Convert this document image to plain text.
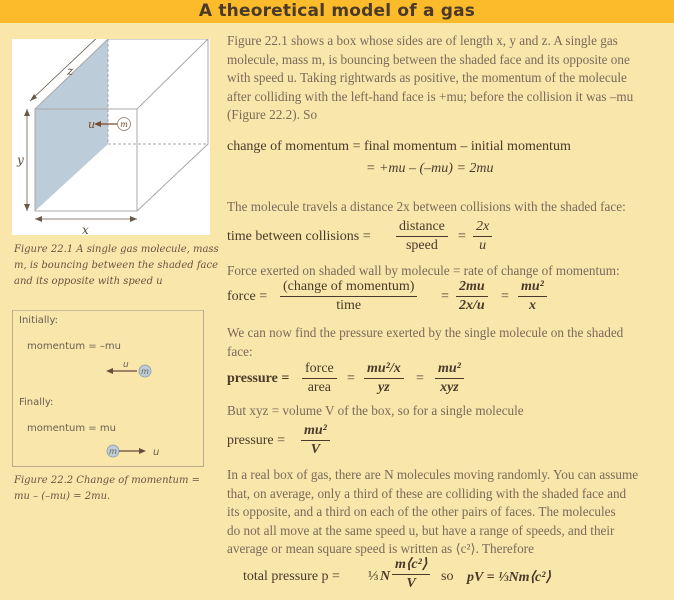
A theoretical model of a gas
m
u
z
y
x
Figure 22.1 A single gas molecule, mass
m, is bouncing between the shaded face
and its opposite with speed u
Initially:
momentum = –mu
m
u
Finally:
momentum = mu
m	u
Figure 22.2 Change of momentum =
mu – (–mu) = 2mu.
Figure 22.1 shows a box whose sides are of length x, y and z. A single gas
molecule, mass m, is bouncing between the shaded face and its opposite one
with speed u. Taking rightwards as positive, the momentum of the molecule
after colliding with the left-hand face is +mu; before the collision it was –mu
(Figure 22.2). So
change of momentum = final momentum – initial momentum
= +mu – (–mu) = 2mu
The molecule travels a distance 2x between collisions with the shaded face:
time between collisions =
distance
speed
= $\frac{2x}{u}$
Force exerted on shaded wall by molecule = rate of change of momentum:
force =
(change of momentum)
time
= $\frac{2mu}{2x/u} = \frac{\text{mu²}}{x}$
We can now find the pressure exerted by the single molecule on the shaded
face:
pressure =
force
area
= $\frac{\text{mu²/x}}{yz}$ =
mu²
xyz
But xyz = volume V of the box, so for a single molecule
pressure = $\frac{\text{mu²}}{V}$
In a real box of gas, there are N molecules moving randomly. You can assume
that, on average, only a third of these are colliding with the shaded face and
its opposite, and a third on each of the other pairs of faces. The molecules
do not all move at the same speed u, but have a range of speeds, and their
average or mean square speed is written as ⟨c²⟩. Therefore
total pressure p = ⅓ N $\frac{\text{m⟨c²⟩}}{V}$ so pV = ⅓Nm⟨c²⟩
